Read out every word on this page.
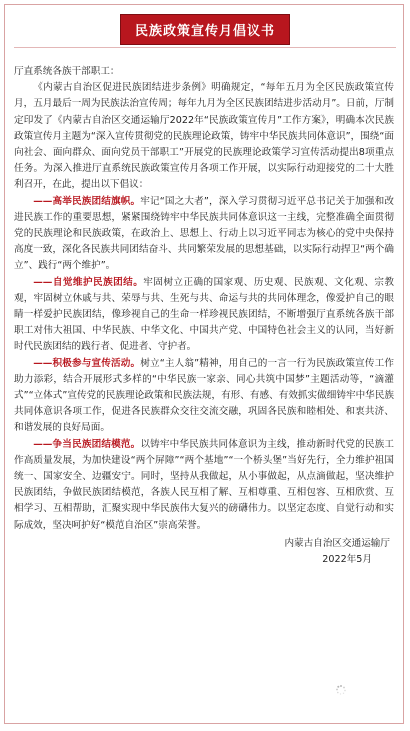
民族政策宣传月倡议书

厅直系统各族干部职工：

《内蒙古自治区促进民族团结进步条例》明确规定，“每年五月为全区民族政策宣传月，五月最后一周为民族法治宣传周；每年九月为全区民族团结进步活动月”。日前，厅制定印发了《内蒙古自治区交通运输厅2022年“民族政策宣传月”工作方案》，明确本次民族政策宣传月主题为“深入宣传贯彻党的民族理论政策，铸牢中华民族共同体意识”，围绕“面向社会、面向群众、面向党员干部职工”开展党的民族理论政策学习宣传活动提出8项重点任务。为深入推进厅直系统民族政策宣传月各项工作开展，以实际行动迎接党的二十大胜利召开，在此，提出以下倡议：

——高举民族团结旗帜。牢记“国之大者”，深入学习贯彻习近平总书记关于加强和改进民族工作的重要思想，紧紧围绕铸牢中华民族共同体意识这一主线，完整准确全面贯彻党的民族理论和民族政策，在政治上、思想上、行动上以习近平同志为核心的党中央保持高度一致，深化各民族共同团结奋斗、共同繁荣发展的思想基础，以实际行动捍卫“两个确立”、践行“两个维护”。

——自觉维护民族团结。牢固树立正确的国家观、历史观、民族观、文化观、宗教观，牢固树立休戚与共、荣辱与共、生死与共、命运与共的共同体理念，像爱护自己的眼睛一样爱护民族团结，像珍视自己的生命一样珍视民族团结，不断增强厅直系统各族干部职工对伟大祖国、中华民族、中华文化、中国共产党、中国特色社会主义的认同，当好新时代民族团结的践行者、促进者、守护者。

——积极参与宣传活动。树立“主人翁”精神，用自己的一言一行为民族政策宣传工作助力添彩，结合开展形式多样的“中华民族一家亲、同心共筑中国梦”主题活动等，“滴灌式”“立体式”宣传党的民族理论政策和民族法规，有形、有感、有效抓实做细铸牢中华民族共同体意识各项工作，促进各民族群众交往交流交融，巩固各民族和睦相处、和衷共济、和谐发展的良好局面。

——争当民族团结模范。以铸牢中华民族共同体意识为主线，推动新时代党的民族工作高质量发展，为加快建设“两个屏障”“两个基地”“一个桥头堡”当好先行，全力维护祖国统一、国家安全、边疆安宁。同时，坚持从我做起，从小事做起，从点滴做起，坚决维护民族团结，争做民族团结模范，各族人民互相了解、互相尊重、互相包容、互相欣赏、互相学习、互相帮助，汇聚实现中华民族伟大复兴的磅礴伟力。以坚定态度、自觉行动和实际成效，坚决呵护好“模范自治区”崇高荣誉。

内蒙古自治区交通运输厅

2022年5月
